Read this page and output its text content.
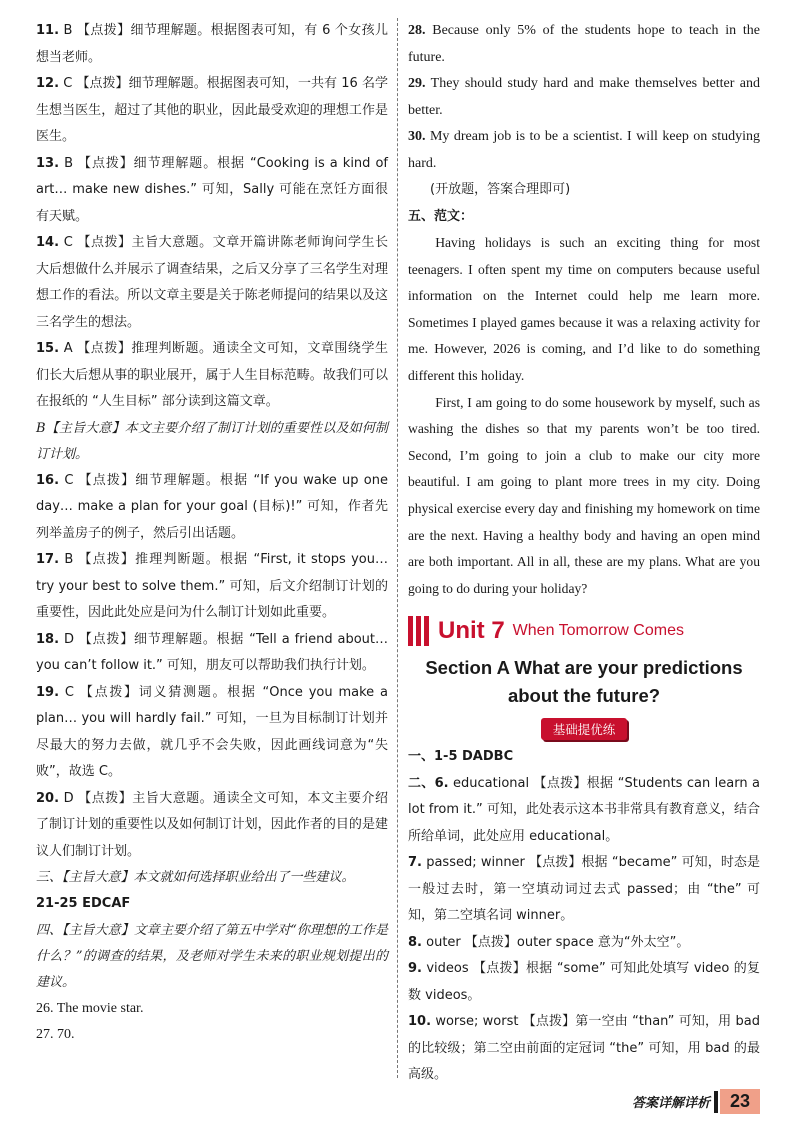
11. B 【点拨】细节理解题。根据图表可知，有 6 个女孩儿想当老师。

12. C 【点拨】细节理解题。根据图表可知，一共有 16 名学生想当医生，超过了其他的职业，因此最受欢迎的理想工作是医生。

13. B 【点拨】细节理解题。根据 “Cooking is a kind of art… make new dishes.” 可知，Sally 可能在烹饪方面很有天赋。

14. C 【点拨】主旨大意题。文章开篇讲陈老师询问学生长大后想做什么并展示了调查结果，之后又分享了三名学生对理想工作的看法。所以文章主要是关于陈老师提问的结果以及这三名学生的想法。

15. A 【点拨】推理判断题。通读全文可知，文章围绕学生们长大后想从事的职业展开，属于人生目标范畴。故我们可以在报纸的 “人生目标” 部分读到这篇文章。

B【主旨大意】本文主要介绍了制订计划的重要性以及如何制订计划。

16. C 【点拨】细节理解题。根据 “If you wake up one day… make a plan for your goal (目标)!” 可知，作者先列举盖房子的例子，然后引出话题。

17. B 【点拨】推理判断题。根据 “First, it stops you… try your best to solve them.” 可知，后文介绍制订计划的重要性，因此此处应是问为什么制订计划如此重要。

18. D 【点拨】细节理解题。根据 “Tell a friend about… you can’t follow it.” 可知，朋友可以帮助我们执行计划。

19. C 【点拨】词义猜测题。根据 “Once you make a plan… you will hardly fail.” 可知，一旦为目标制订计划并尽最大的努力去做，就几乎不会失败，因此画线词意为“失败”，故选 C。

20. D 【点拨】主旨大意题。通读全文可知，本文主要介绍了制订计划的重要性以及如何制订计划，因此作者的目的是建议人们制订计划。

三、【主旨大意】本文就如何选择职业给出了一些建议。

21-25 EDCAF

四、【主旨大意】文章主要介绍了第五中学对“你理想的工作是什么？”的调查的结果，及老师对学生未来的职业规划提出的建议。

26. The movie star.

27. 70.

28. Because only 5% of the students hope to teach in the future.

29. They should study hard and make themselves better and better.

30. My dream job is to be a scientist. I will keep on studying hard.

(开放题，答案合理即可)

五、范文：

Having holidays is such an exciting thing for most teenagers. I often spent my time on computers because useful information on the Internet could help me learn more. Sometimes I played games because it was a relaxing activity for me. However, 2026 is coming, and I’d like to do something different this holiday.

First, I am going to do some housework by myself, such as washing the dishes so that my parents won’t be too tired. Second, I’m going to join a club to make our city more beautiful. I am going to plant more trees in my city. Doing physical exercise every day and finishing my homework on time are the next. Having a healthy body and having an open mind are both important. All in all, these are my plans. What are you going to do during your holiday?

Unit 7 When Tomorrow Comes
Section A What are your predictions
about the future?
基础提优练

一、1-5 DADBC

二、6. educational 【点拨】根据 “Students can learn a lot from it.” 可知，此处表示这本书非常具有教育意义，结合所给单词，此处应用 educational。

7. passed; winner 【点拨】根据 “became” 可知，时态是一般过去时，第一空填动词过去式 passed；由 “the” 可知，第二空填名词 winner。

8. outer 【点拨】outer space 意为“外太空”。

9. videos 【点拨】根据 “some” 可知此处填写 video 的复数 videos。

10. worse; worst 【点拨】第一空由 “than” 可知，用 bad 的比较级；第二空由前面的定冠词 “the” 可知，用 bad 的最高级。

答案详解详析	23
